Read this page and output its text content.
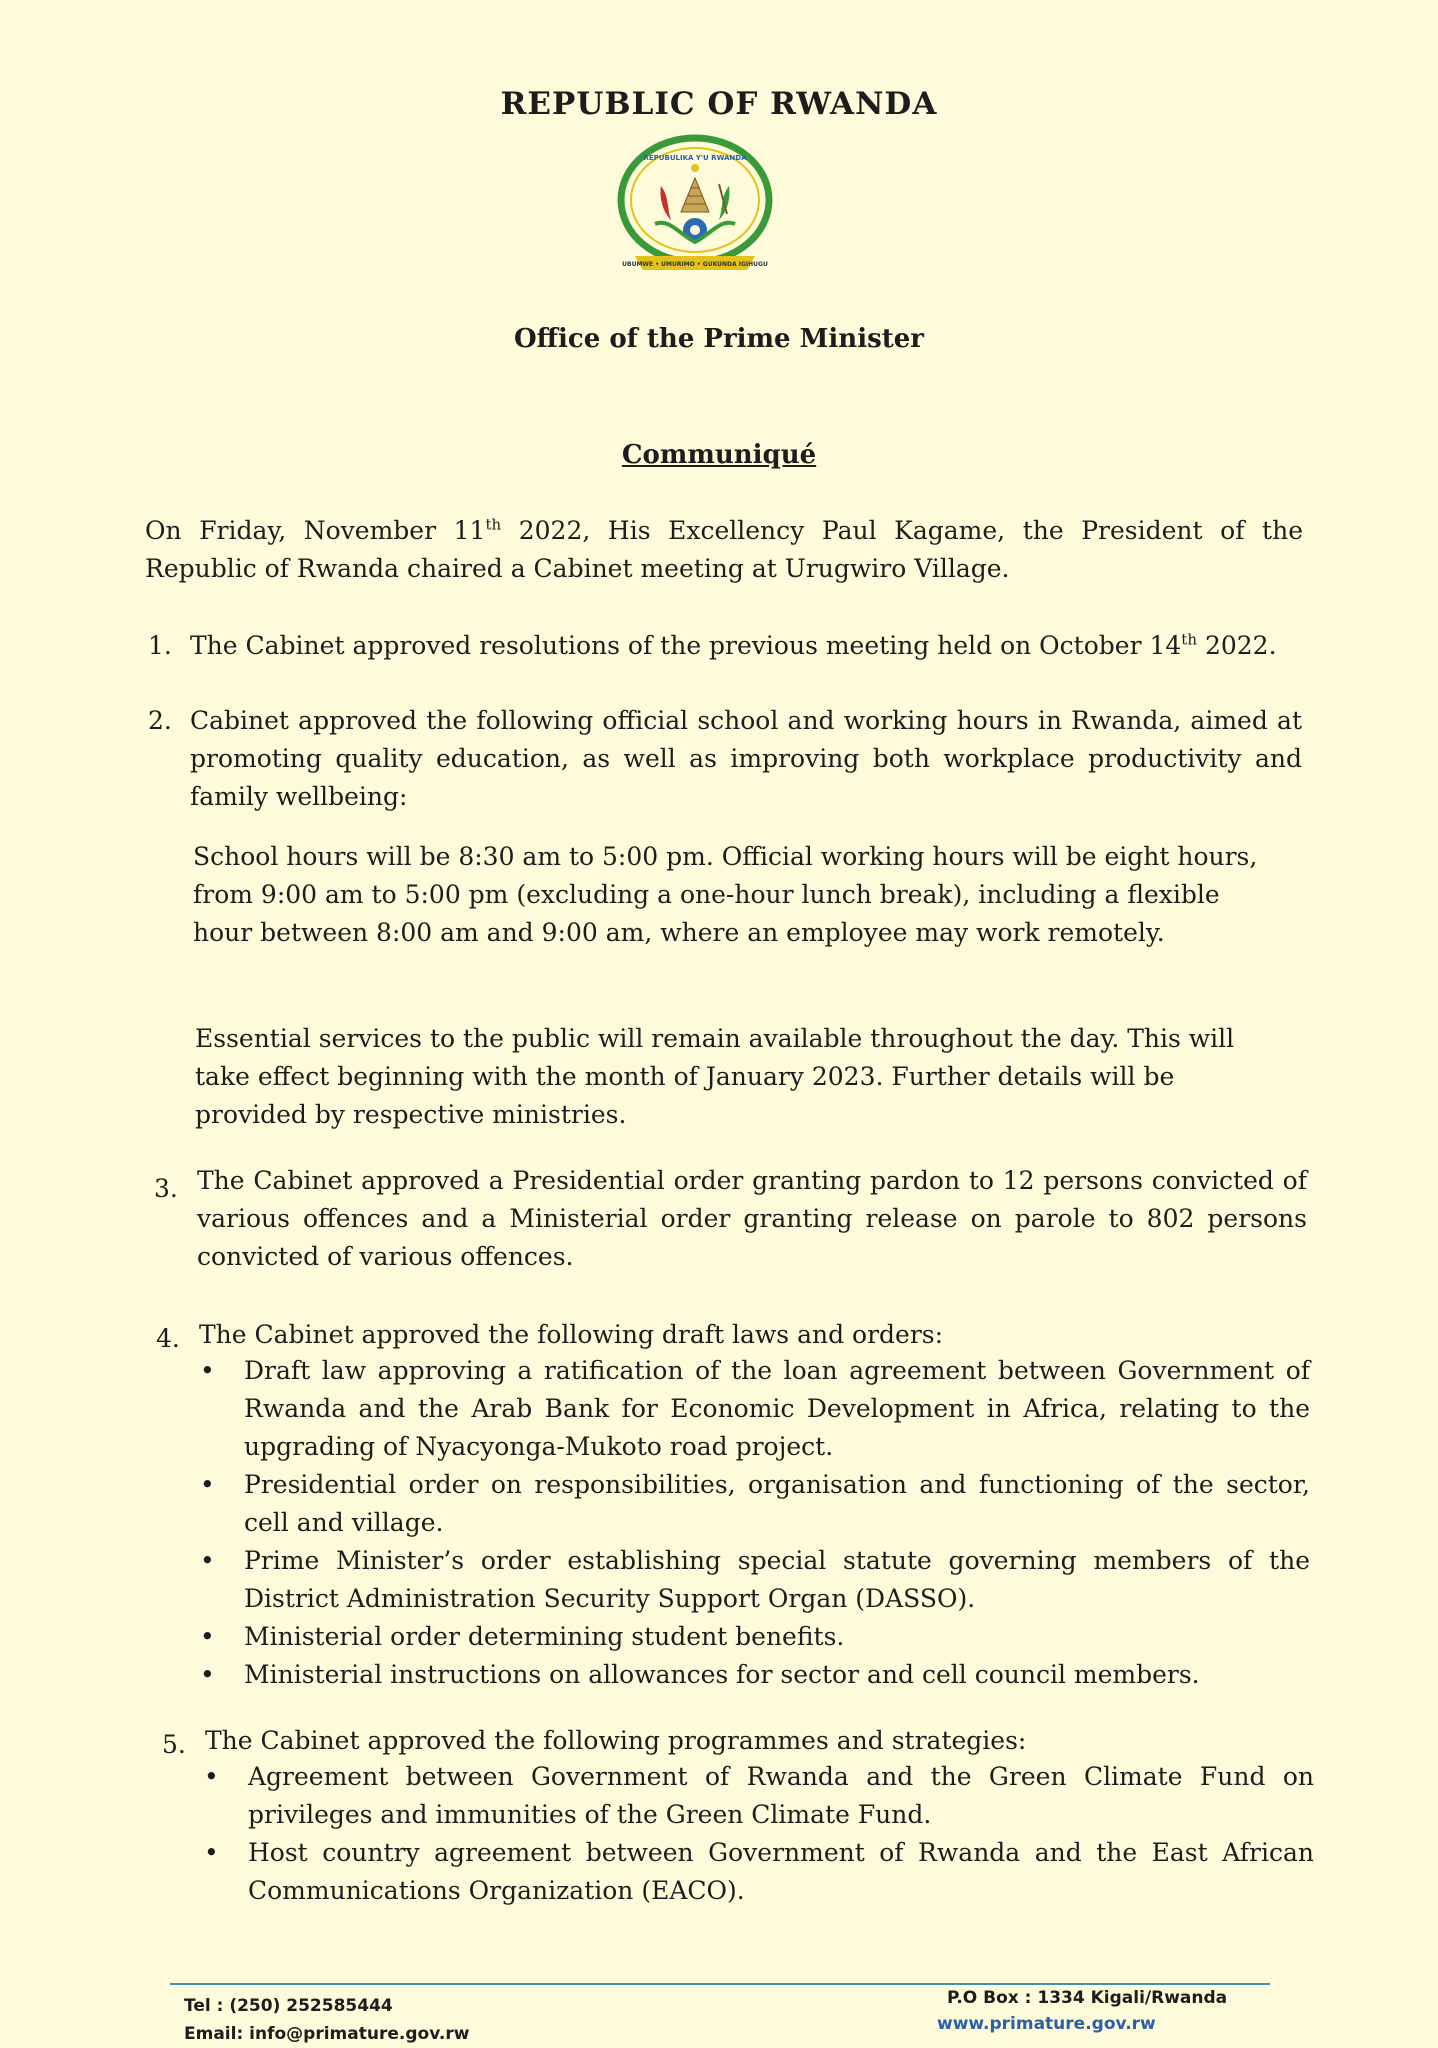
REPUBLIC OF RWANDA
REPUBULIKA Y'U RWANDA
UBUMWE • UMURIMO • GUKUNDA IGIHUGU
Office of the Prime Minister
Communiqué
On Friday, November 11th 2022, His Excellency Paul Kagame, the President of the Republic of Rwanda chaired a Cabinet meeting at Urugwiro Village.
1. The Cabinet approved resolutions of the previous meeting held on October 14th 2022.
2. Cabinet approved the following official school and working hours in Rwanda, aimed at promoting quality education, as well as improving both workplace productivity and family wellbeing:
School hours will be 8:30 am to 5:00 pm. Official working hours will be eight hours, from 9:00 am to 5:00 pm (excluding a one-hour lunch break), including a flexible hour between 8:00 am and 9:00 am, where an employee may work remotely.
Essential services to the public will remain available throughout the day. This will take effect beginning with the month of January 2023. Further details will be provided by respective ministries.
3. The Cabinet approved a Presidential order granting pardon to 12 persons convicted of various offences and a Ministerial order granting release on parole to 802 persons convicted of various offences.
4. The Cabinet approved the following draft laws and orders:
• Draft law approving a ratification of the loan agreement between Government of Rwanda and the Arab Bank for Economic Development in Africa, relating to the upgrading of Nyacyonga-Mukoto road project.
• Presidential order on responsibilities, organisation and functioning of the sector, cell and village.
• Prime Minister’s order establishing special statute governing members of the District Administration Security Support Organ (DASSO).
• Ministerial order determining student benefits.
• Ministerial instructions on allowances for sector and cell council members.
5. The Cabinet approved the following programmes and strategies:
• Agreement between Government of Rwanda and the Green Climate Fund on privileges and immunities of the Green Climate Fund.
• Host country agreement between Government of Rwanda and the East African Communications Organization (EACO).
Tel : (250) 252585444	P.O Box : 1334 Kigali/Rwanda
Email: info@primature.gov.rw	www.primature.gov.rw
